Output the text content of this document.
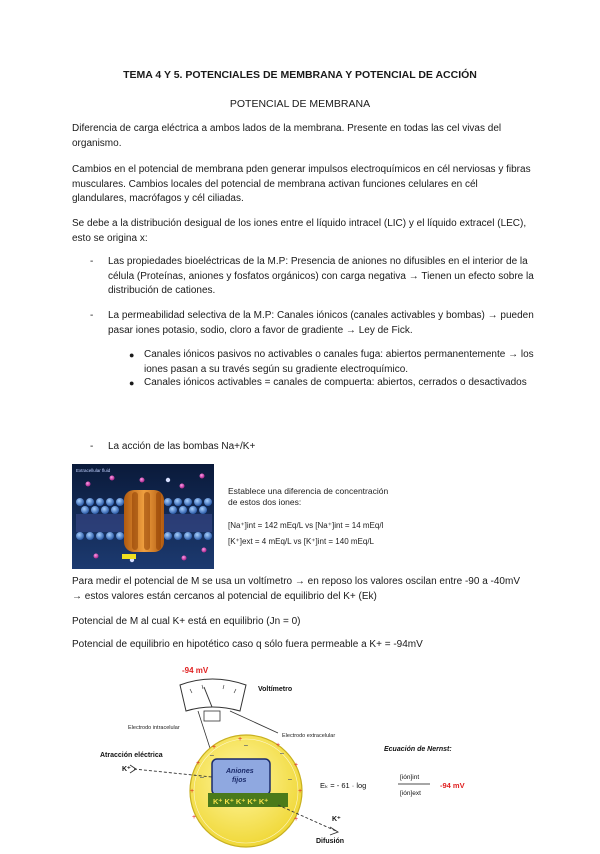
TEMA 4 Y 5. POTENCIALES DE MEMBRANA Y POTENCIAL DE ACCIÓN
POTENCIAL DE MEMBRANA
Diferencia de carga eléctrica a ambos lados de la membrana. Presente en todas las cel vivas del organismo.
Cambios en el potencial de membrana pden generar impulsos electroquímicos en cél nerviosas y fibras musculares. Cambios locales del potencial de membrana activan funciones celulares en cél glandulares, macrófagos y cél ciliadas.
Se debe a la distribución desigual de los iones entre el líquido intracel (LIC) y el líquido extracel (LEC), esto se origina x:
- Las propiedades bioeléctricas de la M.P: Presencia de aniones no difusibles en el interior de la célula (Proteínas, aniones y fosfatos orgánicos) con carga negativa → Tienen un efecto sobre la distribución de cationes.
- La permeabilidad selectiva de la M.P: Canales iónicos (canales activables y bombas) → pueden pasar iones potasio, sodio, cloro a favor de gradiente → Ley de Fick.
● Canales iónicos pasivos no activables o canales fuga: abiertos permanentemente → los iones pasan a su través según su gradiente electroquímico.
● Canales iónicos activables = canales de compuerta: abiertos, cerrados o desactivados
- La acción de las bombas Na+/K+
Extracellular fluid
Establece una diferencia de concentración
de estos dos iones:
[Na⁺]int = 142 mEq/L vs [Na⁺]int = 14 mEq/l
[K⁺]ext = 4 mEq/L vs [K⁺]int = 140 mEq/L
Para medir el potencial de M se usa un voltímetro → en reposo los valores oscilan entre -90 a -40mV → estos valores están cercanos al potencial de equilibrio del K+ (Ek)
Potencial de M al cual K+ está en equilibrio (Jn = 0)
Potencial de equilibrio en hipotético caso q sólo fuera permeable a K+ = -94mV
-94 mV
Voltímetro
Electrodo intracelular
Electrodo extracelular
Aniones
fijos
K⁺ K⁺ K⁺ K⁺ K⁺
+
+
+
+
+
+
+
+	+
–
–	–
–	–
Atracción eléctrica
K⁺
K⁺
Difusión
Ecuación de Nernst:
Eₖ = - 61 · log
[ión]int
[ión]ext
-94 mV
